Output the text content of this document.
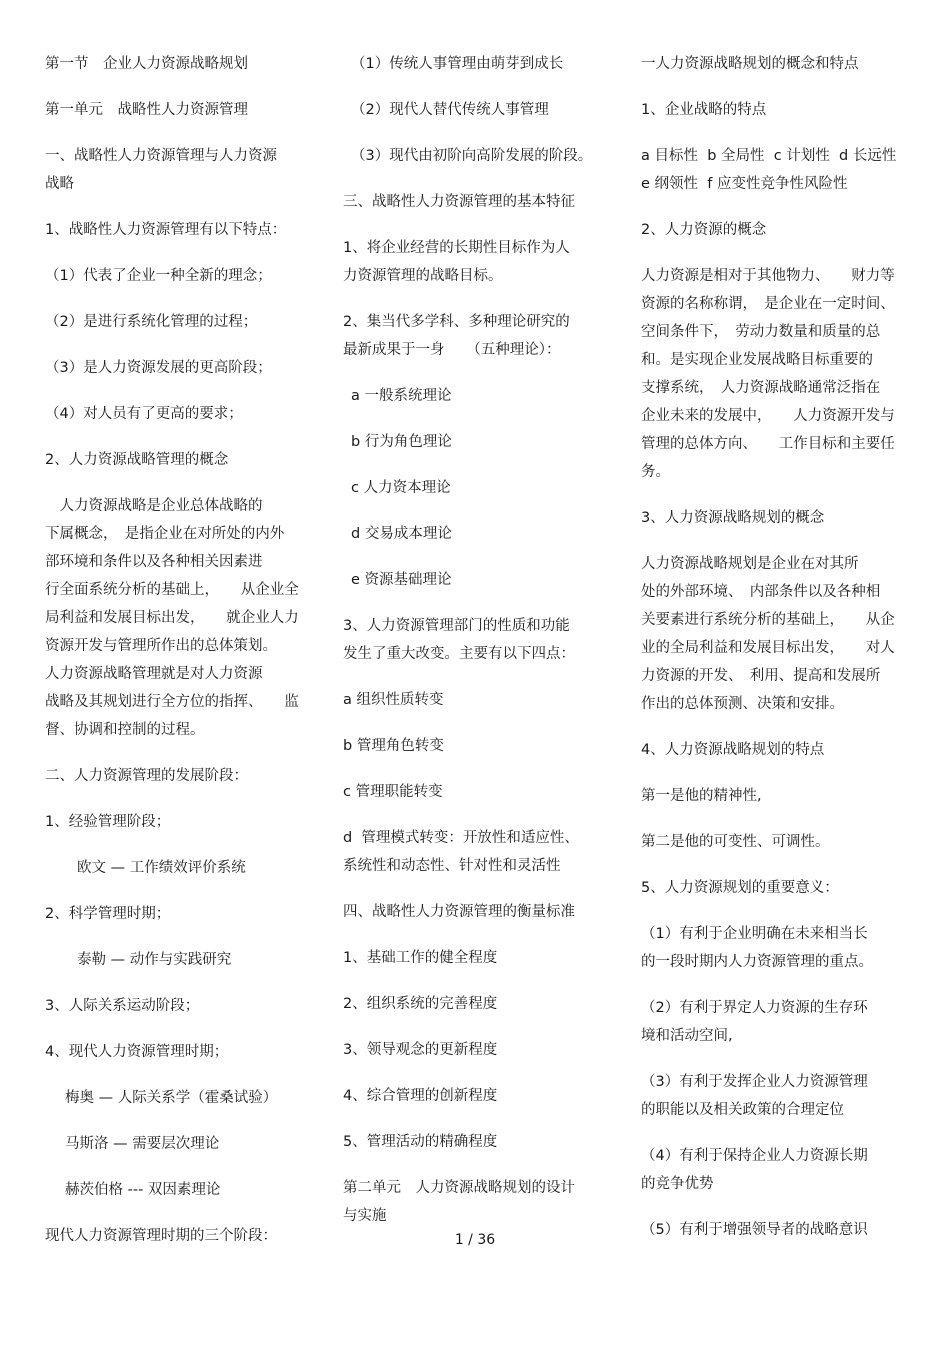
第一节　企业人力资源战略规划

第一单元　战略性人力资源管理

一、战略性人力资源管理与人力资源
战略

1、战略性人力资源管理有以下特点：

（1）代表了企业一种全新的理念；

（2）是进行系统化管理的过程；

（3）是人力资源发展的更高阶段；

（4）对人员有了更高的要求；

2、人力资源战略管理的概念

　人力资源战略是企业总体战略的
下属概念，　是指企业在对所处的内外
部环境和条件以及各种相关因素进
行全面系统分析的基础上，　　从企业全
局利益和发展目标出发，　　就企业人力
资源开发与管理所作出的总体策划。
人力资源战略管理就是对人力资源
战略及其规划进行全方位的指挥、　　监
督、协调和控制的过程。

二、人力资源管理的发展阶段：

1、经验管理阶段；

欧文 — 工作绩效评价系统

2、科学管理时期；

泰勒 — 动作与实践研究

3、人际关系运动阶段；

4、现代人力资源管理时期；

梅奥 — 人际关系学（霍桑试验）

马斯洛 — 需要层次理论

赫茨伯格 --- 双因素理论

现代人力资源管理时期的三个阶段：

（1）传统人事管理由萌芽到成长

（2）现代人替代传统人事管理

（3）现代由初阶向高阶发展的阶段。

三、战略性人力资源管理的基本特征

1、将企业经营的长期性目标作为人
力资源管理的战略目标。

2、集当代多学科、多种理论研究的
最新成果于一身　　（五种理论）：

a 一般系统理论

b 行为角色理论

c 人力资本理论

d 交易成本理论

e 资源基础理论

3、人力资源管理部门的性质和功能
发生了重大改变。主要有以下四点：

a 组织性质转变

b 管理角色转变

c 管理职能转变

d  管理模式转变：开放性和适应性、
系统性和动态性、针对性和灵活性

四、战略性人力资源管理的衡量标准

1、基础工作的健全程度

2、组织系统的完善程度

3、领导观念的更新程度

4、综合管理的创新程度

5、管理活动的精确程度

第二单元　人力资源战略规划的设计
与实施

一人力资源战略规划的概念和特点

1、企业战略的特点

a 目标性  b 全局性  c 计划性  d 长远性
e 纲领性  f 应变性竞争性风险性

2、人力资源的概念

人力资源是相对于其他物力、　　财力等
资源的名称称谓，　是企业在一定时间、
空间条件下，　劳动力数量和质量的总
和。是实现企业发展战略目标重要的
支撑系统，　人力资源战略通常泛指在
企业未来的发展中，　　人力资源开发与
管理的总体方向、　　工作目标和主要任
务。

3、人力资源战略规划的概念

人力资源战略规划是企业在对其所
处的外部环境、　内部条件以及各种相
关要素进行系统分析的基础上，　　从企
业的全局利益和发展目标出发，　　对人
力资源的开发、　利用、提高和发展所
作出的总体预测、决策和安排。

4、人力资源战略规划的特点

第一是他的精神性,

第二是他的可变性、可调性。

5、人力资源规划的重要意义：

（1）有利于企业明确在未来相当长
的一段时期内人力资源管理的重点。

（2）有利于界定人力资源的生存环
境和活动空间,

（3）有利于发挥企业人力资源管理
的职能以及相关政策的合理定位

（4）有利于保持企业人力资源长期
的竞争优势

（5）有利于增强领导者的战略意识

1 / 36
